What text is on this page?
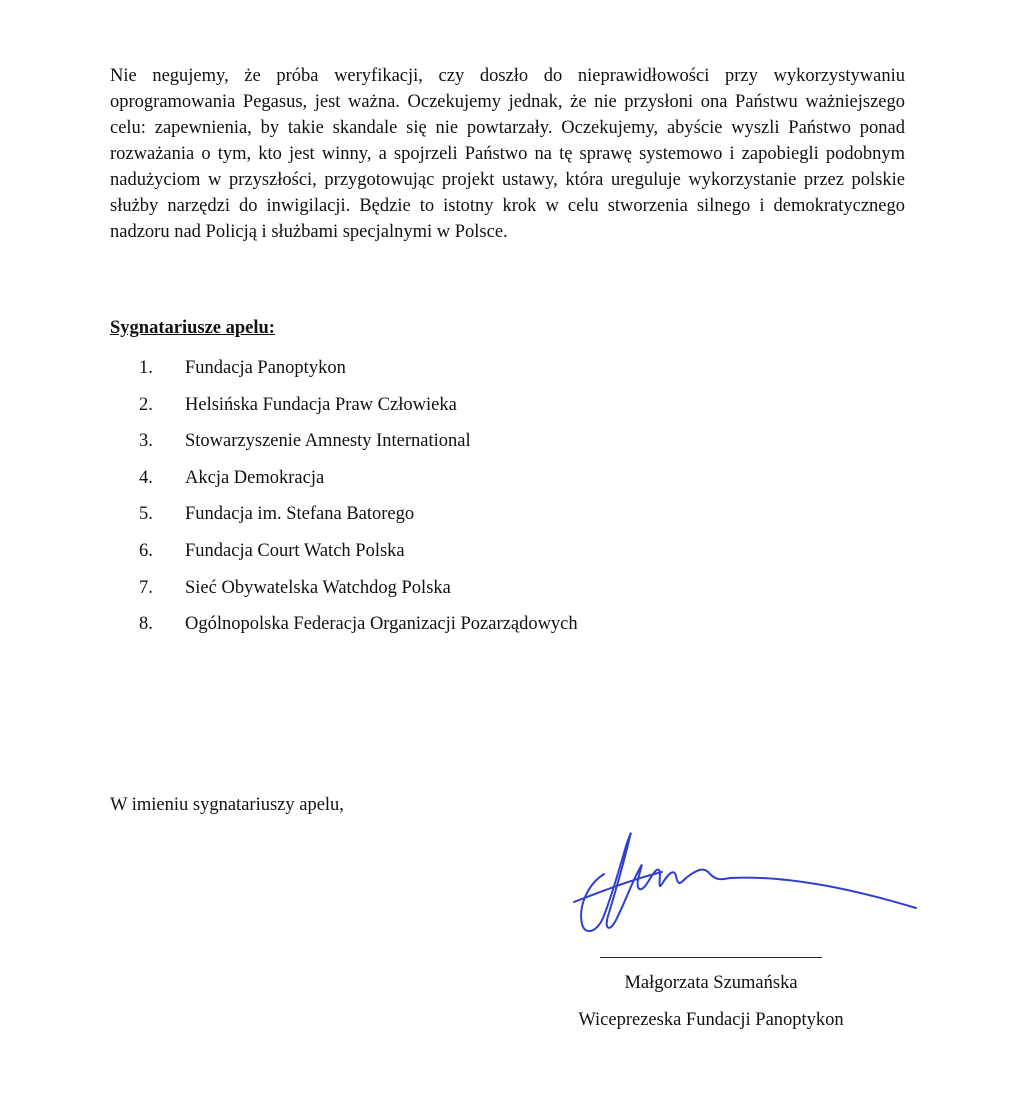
Nie negujemy, że próba weryfikacji, czy doszło do nieprawidłowości przy wykorzystywaniu oprogramowania Pegasus, jest ważna. Oczekujemy jednak, że nie przysłoni ona Państwu ważniejszego celu: zapewnienia, by takie skandale się nie powtarzały. Oczekujemy, abyście wyszli Państwo ponad rozważania o tym, kto jest winny, a spojrzeli Państwo na tę sprawę systemowo i zapobiegli podobnym nadużyciom w przyszłości, przygotowując projekt ustawy, która ureguluje wykorzystanie przez polskie służby narzędzi do inwigilacji. Będzie to istotny krok w celu stworzenia silnego i demokratycznego nadzoru nad Policją i służbami specjalnymi w Polsce.

Sygnatariusze apelu:

1.	Fundacja Panoptykon
2.	Helsińska Fundacja Praw Człowieka
3.	Stowarzyszenie Amnesty International
4.	Akcja Demokracja
5.	Fundacja im. Stefana Batorego
6.	Fundacja Court Watch Polska
7.	Sieć Obywatelska Watchdog Polska
8.	Ogólnopolska Federacja Organizacji Pozarządowych

W imieniu sygnatariuszy apelu,

Małgorzata Szumańska

Wiceprezeska Fundacji Panoptykon
